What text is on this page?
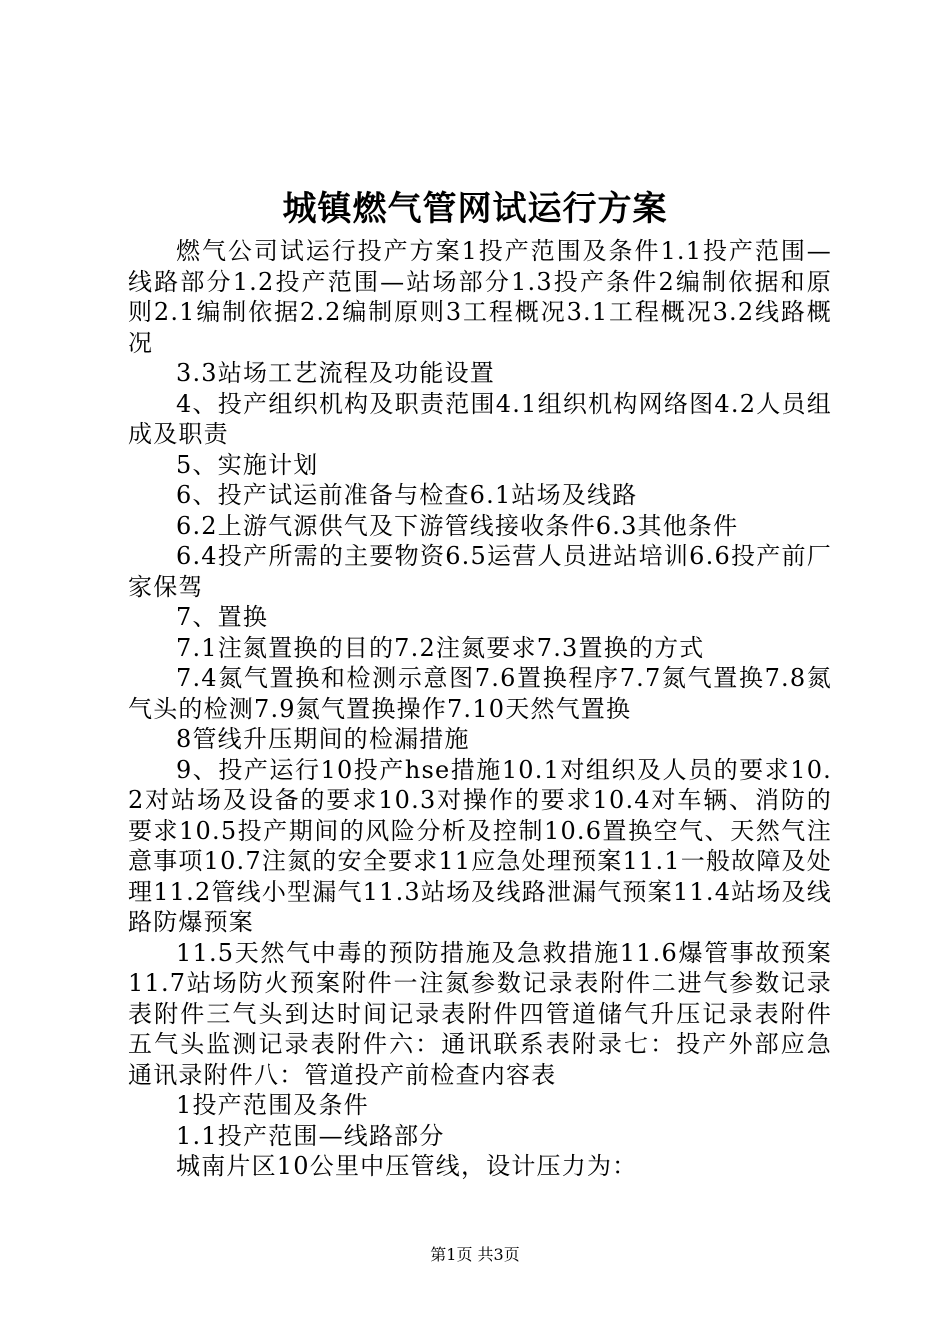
城镇燃气管网试运行方案

燃气公司试运行投产方案1投产范围及条件1.1投产范围—线路部分1.2投产范围—站场部分1.3投产条件2编制依据和原则2.1编制依据2.2编制原则3工程概况3.1工程概况3.2线路概况

3.3站场工艺流程及功能设置

4、投产组织机构及职责范围4.1组织机构网络图4.2人员组成及职责

5、实施计划

6、投产试运前准备与检查6.1站场及线路

6.2上游气源供气及下游管线接收条件6.3其他条件

6.4投产所需的主要物资6.5运营人员进站培训6.6投产前厂家保驾

7、置换

7.1注氮置换的目的7.2注氮要求7.3置换的方式

7.4氮气置换和检测示意图7.6置换程序7.7氮气置换7.8氮气头的检测7.9氮气置换操作7.10天然气置换

8管线升压期间的检漏措施

9、投产运行10投产hse措施10.1对组织及人员的要求10.2对站场及设备的要求10.3对操作的要求10.4对车辆、消防的要求10.5投产期间的风险分析及控制10.6置换空气、天然气注意事项10.7注氮的安全要求11应急处理预案11.1一般故障及处理11.2管线小型漏气11.3站场及线路泄漏气预案11.4站场及线路防爆预案

11.5天然气中毒的预防措施及急救措施11.6爆管事故预案11.7站场防火预案附件一注氮参数记录表附件二进气参数记录表附件三气头到达时间记录表附件四管道储气升压记录表附件五气头监测记录表附件六：通讯联系表附录七：投产外部应急通讯录附件八：管道投产前检查内容表

1投产范围及条件

1.1投产范围—线路部分

城南片区10公里中压管线，设计压力为：

第1页 共3页
